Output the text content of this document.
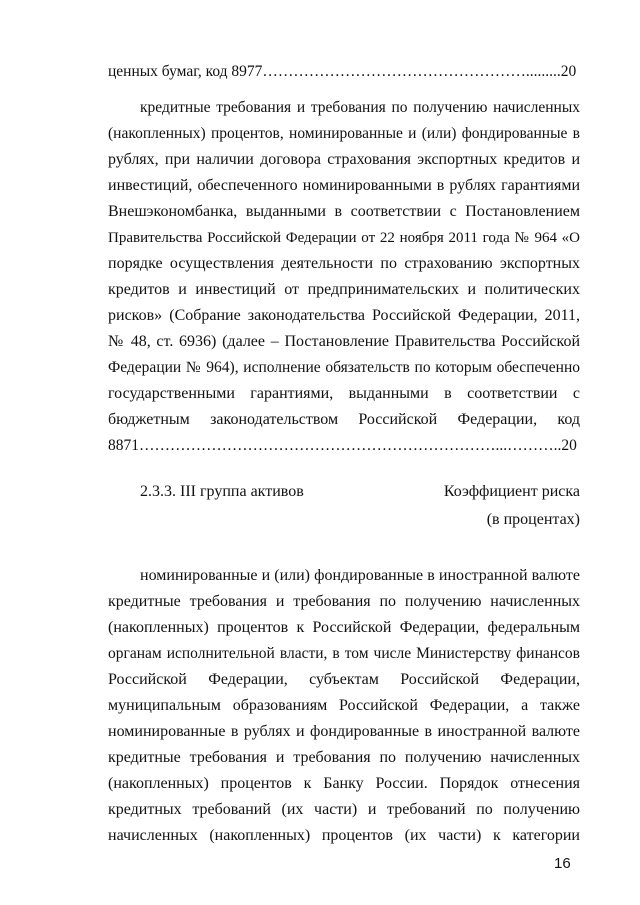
ценных бумаг, код 8977…………………………………………….........20
кредитные требования и требования по получению начисленных
(накопленных) процентов, номинированные и (или) фондированные в
рублях, при наличии договора страхования экспортных кредитов и
инвестиций, обеспеченного номинированными в рублях гарантиями
Внешэкономбанка, выданными в соответствии с Постановлением
Правительства Российской Федерации от 22 ноября 2011 года № 964 «О
порядке осуществления деятельности по страхованию экспортных
кредитов и инвестиций от предпринимательских и политических
рисков» (Собрание законодательства Российской Федерации, 2011,
№ 48, ст. 6936) (далее – Постановление Правительства Российской
Федерации № 964), исполнение обязательств по которым обеспеченно
государственными гарантиями, выданными в соответствии с
бюджетным законодательством Российской Федерации, код
8871……………………………………………………………...………..20
2.3.3. III группа активов	Коэффициент риска
(в процентах)
номинированные и (или) фондированные в иностранной валюте
кредитные требования и требования по получению начисленных
(накопленных) процентов к Российской Федерации, федеральным
органам исполнительной власти, в том числе Министерству финансов
Российской Федерации, субъектам Российской Федерации,
муниципальным образованиям Российской Федерации, а также
номинированные в рублях и фондированные в иностранной валюте
кредитные требования и требования по получению начисленных
(накопленных) процентов к Банку России. Порядок отнесения
кредитных требований (их части) и требований по получению
начисленных (накопленных) процентов (их части) к категории
16
